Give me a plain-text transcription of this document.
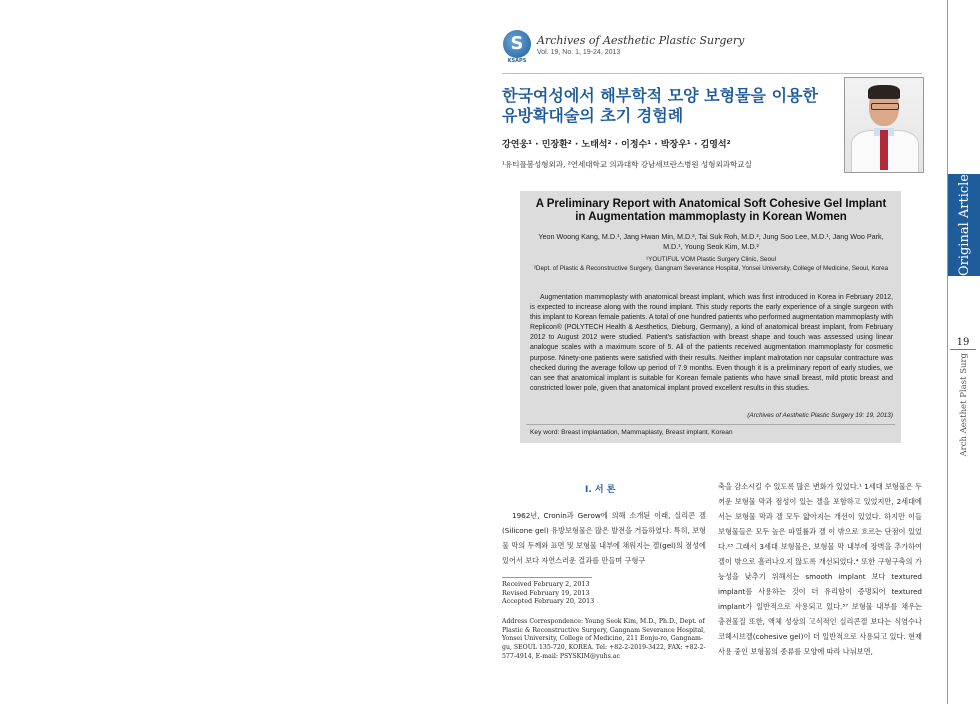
S
KSAPS
Archives of Aesthetic Plastic Surgery
Vol. 19, No. 1, 19-24, 2013
한국여성에서 해부학적 모양 보형물을 이용한 유방확대술의 초기 경험례
강연웅¹ · 민장환² · 노태석² · 이정수¹ · 박장우¹ · 김영석²
¹유티플봄성형외과, ²연세대학교 의과대학 강남세브란스병원 성형외과학교실
A Preliminary Report with Anatomical Soft Cohesive Gel Implant in Augmentation mammoplasty in Korean Women
Yeon Woong Kang, M.D.¹, Jang Hwan Min, M.D.², Tai Suk Roh, M.D.², Jung Soo Lee, M.D.¹, Jang Woo Park, M.D.¹, Young Seok Kim, M.D.²
¹YOUTIFUL VOM Plastic Surgery Clinic, Seoul
²Dept. of Plastic & Reconstructive Surgery, Gangnam Severance Hospital, Yonsei University, College of Medicine, Seoul, Korea
Augmentation mammoplasty with anatomical breast implant, which was first introduced in Korea in February 2012, is expected to increase along with the round implant. This study reports the early experience of a single surgeon with this implant to Korean female patients. A total of one hundred patients who performed augmentation mammoplasty with Replicon® (POLYTECH Health & Aesthetics, Dieburg, Germany), a kind of anatomical breast implant, from February 2012 to August 2012 were studied. Patient's satisfaction with breast shape and touch was assessed using linear analogue scales with a maximum score of 5. All of the patients received augmentation mammoplasty for cosmetic purpose. Ninety-one patients were satisfied with their results. Neither implant malrotation nor capsular contracture was checked during the average follow up period of 7.9 months. Even though it is a preliminary report of early studies, we can see that anatomical implant is suitable for Korean female patients who have small breast, mild ptotic breast and constricted lower pole, given that anatomical implant proved excellent results in this studies.
(Archives of Aesthetic Plastic Surgery 19: 19, 2013)
Key word: Breast implantation, Mammaplasty, Breast implant, Korean
I. 서 론
1962년, Cronin과 Gerow에 의해 소개된 이래, 실리콘 겔(Silicone gel) 유방보형물은 많은 발전을 거듭하였다. 특히, 보형물 막의 두께와 표면 및 보형물 내부에 채워지는 겔(gel)의 점성에 있어서 보다 자연스러운 결과를 만들며 구형구
Received February 2, 2013
Revised February 19, 2013
Accepted February 20, 2013
Address Correspondence: Young Seok Kim, M.D., Ph.D., Dept. of Plastic & Reconstructive Surgery, Gangnam Severance Hospital, Yonsei University, College of Medicine, 211 Eonju-ro, Gangnam-gu, SEOUL 135-720, KOREA. Tel: +82-2-2019-3422, FAX: +82-2-577-4914, E-mail: PSYSKIM@yuhs.ac
축을 감소시킬 수 있도록 많은 변화가 있었다.¹ 1세대 보형물은 두꺼운 보형물 막과 점성이 있는 겔을 포함하고 있었지만, 2세대에서는 보형물 막과 겔 모두 얇아지는 개선이 있었다. 하지만 이들 보형물들은 모두 높은 파열률과 겔 이 밖으로 흐르는 단점이 있었다.²³ 그래서 3세대 보형물은, 보형물 막 내부에 장벽을 추가하여 겔이 밖으로 흘러나오지 않도록 개선되었다.⁴ 또한 구형구축의 가능성을 낮추기 위해서는 smooth implant 보다 textured implant를 사용하는 것이 더 유리함이 증명되어 textured implant가 일반적으로 사용되고 있다.⁵⁷ 보형물 내부를 채우는 충전물질 또한, 액체 성상의 고식적인 실리콘겔 보다는 식염수나 코헤시브겔(cohesive gel)이 더 일반적으로 사용되고 있다. 현재 사용 중인 보형물의 종류를 모양에 따라 나눠보면,
Original Article
19
Arch Aesthet Plast Surg
